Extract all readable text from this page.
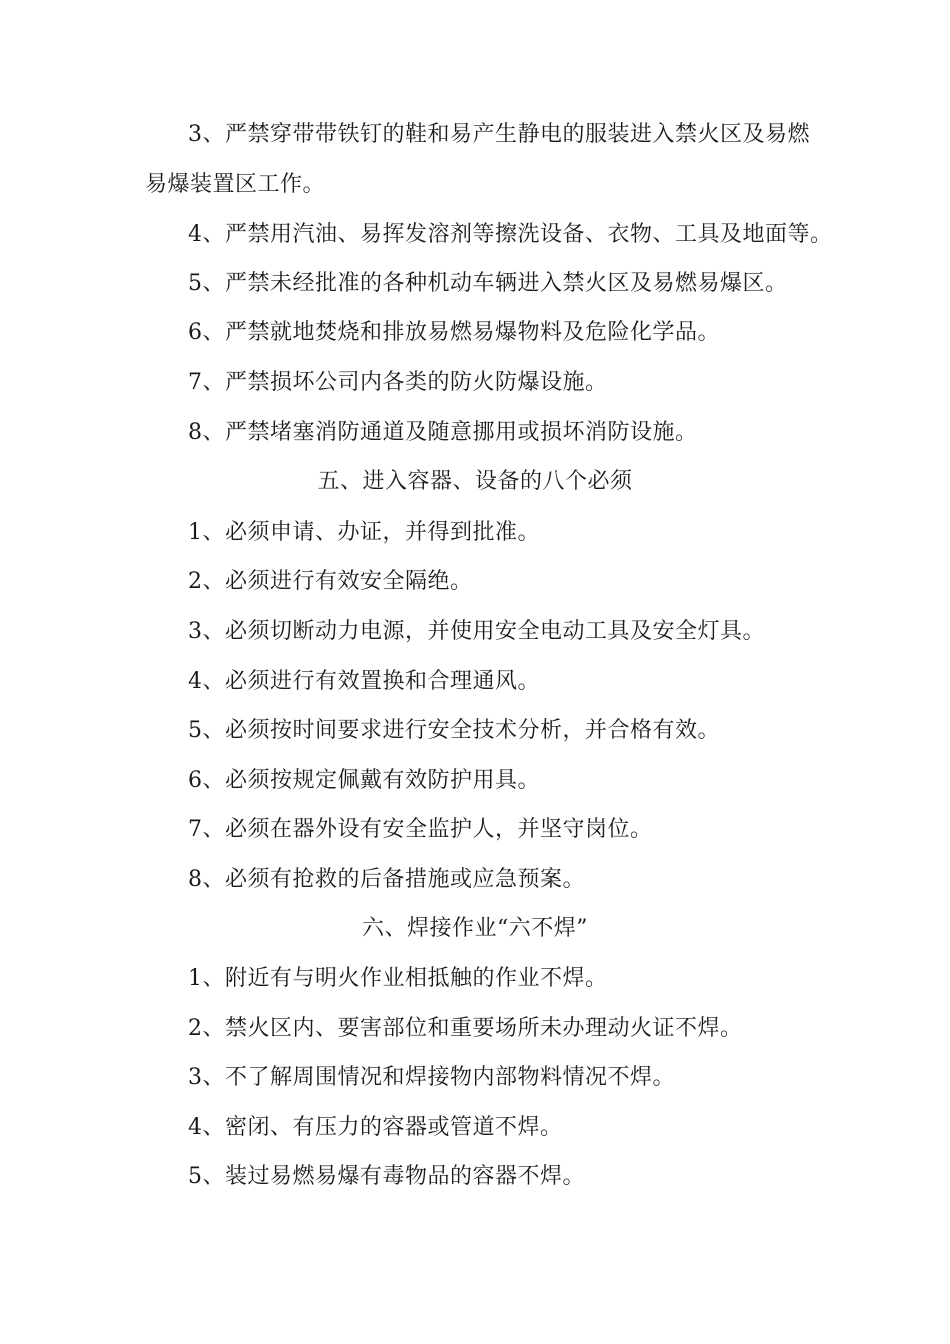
3、严禁穿带带铁钉的鞋和易产生静电的服装进入禁火区及易燃
易爆装置区工作。
4、严禁用汽油、易挥发溶剂等擦洗设备、衣物、工具及地面等。
5、严禁未经批准的各种机动车辆进入禁火区及易燃易爆区。
6、严禁就地焚烧和排放易燃易爆物料及危险化学品。
7、严禁损坏公司内各类的防火防爆设施。
8、严禁堵塞消防通道及随意挪用或损坏消防设施。
五、进入容器、设备的八个必须
1、必须申请、办证，并得到批准。
2、必须进行有效安全隔绝。
3、必须切断动力电源，并使用安全电动工具及安全灯具。
4、必须进行有效置换和合理通风。
5、必须按时间要求进行安全技术分析，并合格有效。
6、必须按规定佩戴有效防护用具。
7、必须在器外设有安全监护人，并坚守岗位。
8、必须有抢救的后备措施或应急预案。
六、焊接作业“六不焊”
1、附近有与明火作业相抵触的作业不焊。
2、禁火区内、要害部位和重要场所未办理动火证不焊。
3、不了解周围情况和焊接物内部物料情况不焊。
4、密闭、有压力的容器或管道不焊。
5、装过易燃易爆有毒物品的容器不焊。
